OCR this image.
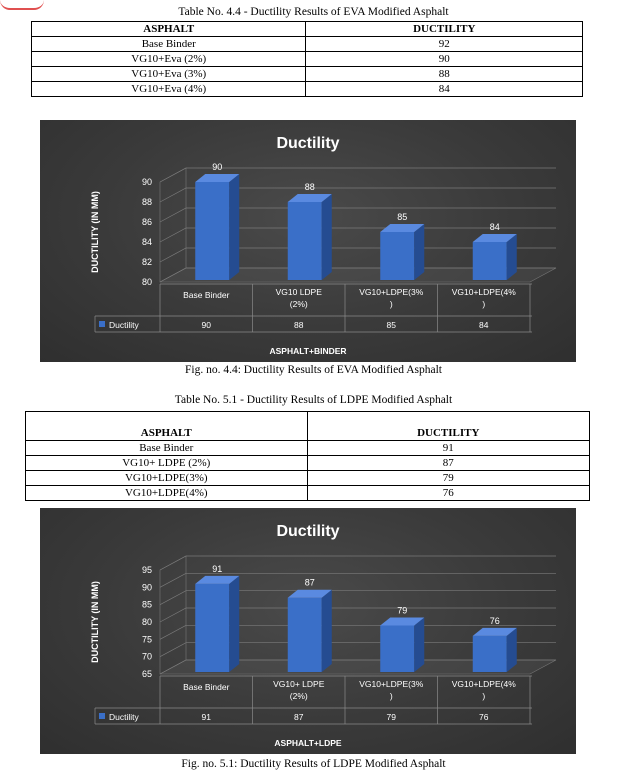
Table No. 4.4 - Ductility Results of EVA Modified Asphalt
ASPHALT	DUCTILITY
Base Binder	92
VG10+Eva (2%)	90
VG10+Eva (3%)	88
VG10+Eva (4%)	84
Ductility
80
82
84
86
88
90
DUCTILITY (IN MM)
90
88
85
84
Base Binder
90
VG10 LDPE
(2%)
88
VG10+LDPE(3%
)
85
VG10+LDPE(4%
)
84
Ductility
ASPHALT+BINDER
Fig. no. 4.4: Ductility Results of EVA Modified Asphalt
Table No. 5.1 - Ductility Results of LDPE Modified Asphalt
ASPHALT	DUCTILITY
Base Binder	91
VG10+ LDPE (2%)	87
VG10+LDPE(3%)	79
VG10+LDPE(4%)	76
Ductility
65
70
75
80
85
90
95
DUCTILITY (IN MM)
91
87
79
76
Base Binder
91
VG10+ LDPE
(2%)
87
VG10+LDPE(3%
)
79
VG10+LDPE(4%
)
76
Ductility
ASPHALT+LDPE
Fig. no. 5.1: Ductility Results of LDPE Modified Asphalt
